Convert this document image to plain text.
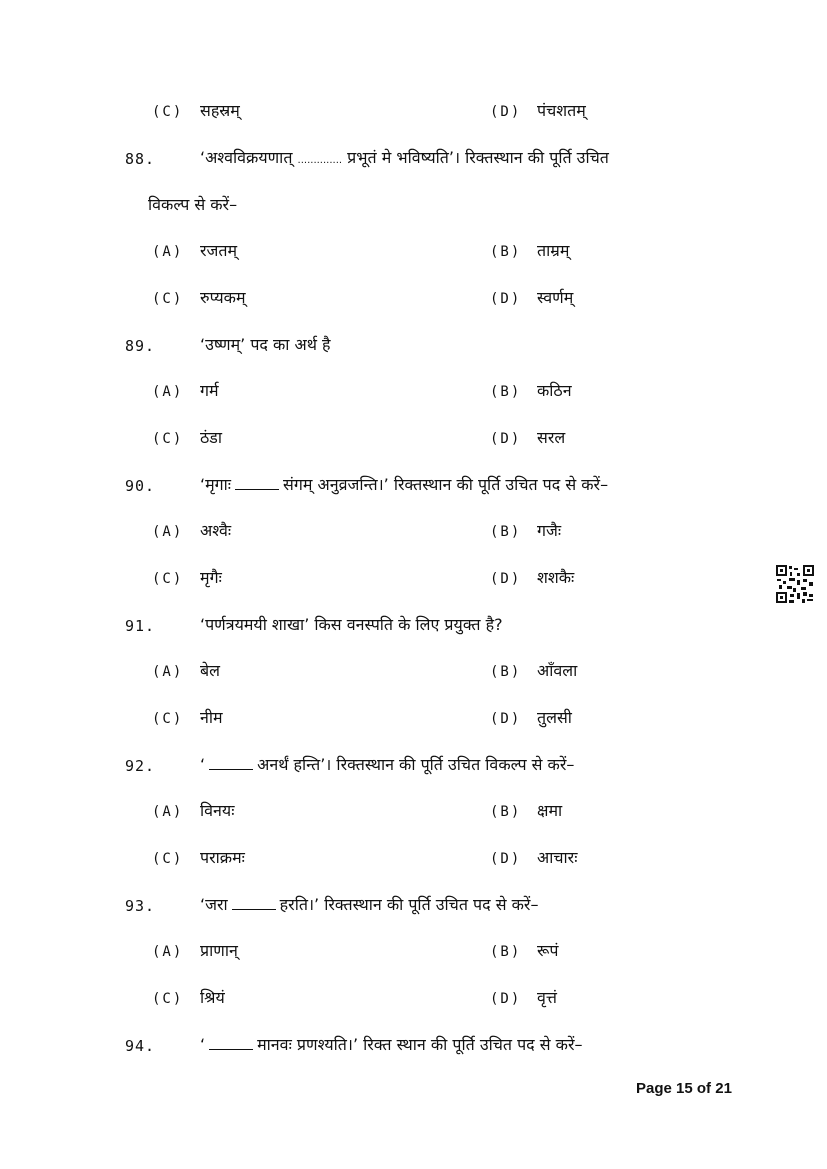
(C) सहस्रम्	(D) पंचशतम्
88.	‘अश्वविक्रयणात् .............. प्रभूतं मे भविष्यति’। रिक्तस्थान की पूर्ति उचित
विकल्प से करें–
(A) रजतम्	(B) ताम्रम्
(C) रुप्यकम्	(D) स्वर्णम्
89.	‘उष्णम्’ पद का अर्थ है
(A) गर्म	(B) कठिन
(C) ठंडा	(D) सरल
90.	‘मृगाः	संगम् अनुव्रजन्ति।’ रिक्तस्थान की पूर्ति उचित पद से करें–
(A) अश्वैः	(B) गजैः
(C) मृगैः	(D) शशकैः
91.	‘पर्णत्रयमयी शाखा’ किस वनस्पति के लिए प्रयुक्त है?
(A) बेल	(B) आँवला
(C) नीम	(D) तुलसी
92.	‘	अनर्थं हन्ति’। रिक्तस्थान की पूर्ति उचित विकल्प से करें–
(A) विनयः	(B) क्षमा
(C) पराक्रमः	(D) आचारः
93.	‘जरा	हरति।’ रिक्तस्थान की पूर्ति उचित पद से करें–
(A) प्राणान्	(B) रूपं
(C) श्रियं	(D) वृत्तं
94.	‘	मानवः प्रणश्यति।’ रिक्त स्थान की पूर्ति उचित पद से करें–
Page 15 of 21
